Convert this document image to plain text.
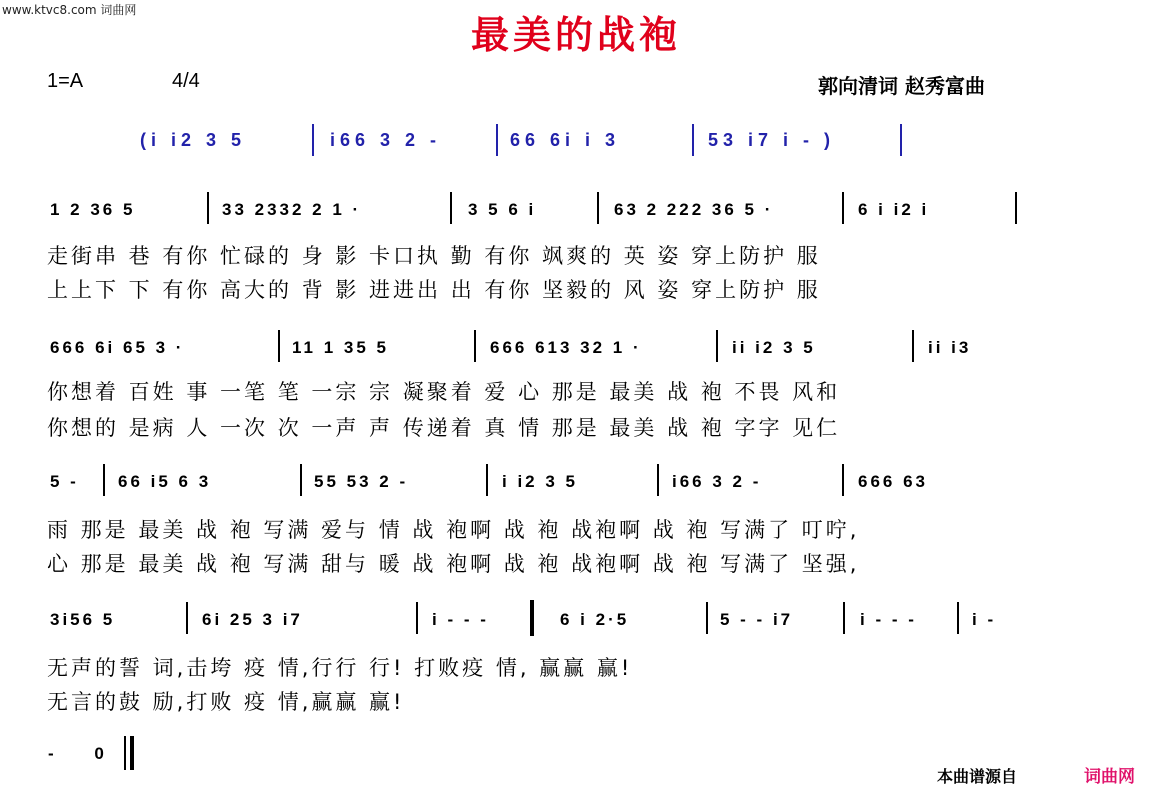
www.ktvc8.com 词曲网
最美的战袍
1=A	4/4	郭向清词 赵秀富曲
(i i2 3 5	i66 3 2 -	66 6i i 3	53 i7 i - )
1 2 36 5	33 2332 2 1 ·	3 5 6 i	63 2 222 36 5 ·	6 i i2 i
走街串 巷 有你 忙碌的 身 影 卡口执 勤 有你 飒爽的 英 姿 穿上防护 服
上上下 下 有你 高大的 背 影 进进出 出 有你 坚毅的 风 姿 穿上防护 服
666 6i 65 3 ·	11 1 35 5	666 613 32 1 ·	ii i2 3 5	ii i3
你想着 百姓 事 一笔 笔 一宗 宗 凝聚着 爱 心 那是 最美 战 袍 不畏 风和
你想的 是病 人 一次 次 一声 声 传递着 真 情 那是 最美 战 袍 字字 见仁
5 - 66 i5 6 3	55 53 2 -	i i2 3 5	i66 3 2 -	666 63
雨 那是 最美 战 袍 写满 爱与 情 战 袍啊 战 袍 战袍啊 战 袍 写满了 叮咛,
心 那是 最美 战 袍 写满 甜与 暖 战 袍啊 战 袍 战袍啊 战 袍 写满了 坚强,
3i56 5	6i 25 3 i7	i - - -	6 i 2·5	5 - - i7	i - - -	i -
无声的誓 词,击垮 疫 情,行行 行! 打败疫 情, 赢赢 赢!
无言的鼓 励,打败 疫 情,赢赢 赢!
- 0
本曲谱源自	词曲网
